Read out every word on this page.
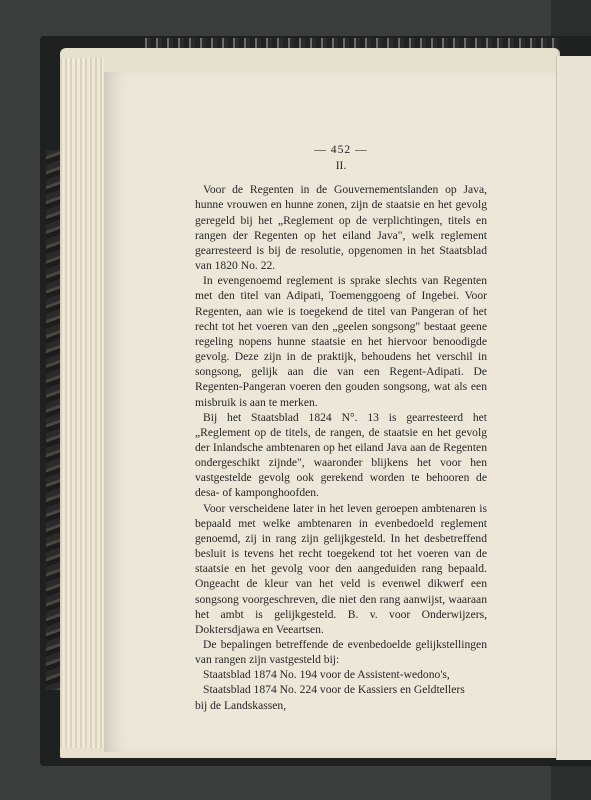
— 452 —

II.

Voor de Regenten in de Gouvernementslanden op Java, hunne vrouwen en hunne zonen, zijn de staatsie en het gevolg geregeld bij het „Reglement op de verplichtingen, titels en rangen der Regenten op het eiland Java", welk reglement gearresteerd is bij de resolutie, opgenomen in het Staatsblad van 1820 No. 22.

In evengenoemd reglement is sprake slechts van Regenten met den titel van Adipati, Toemenggoeng of Ingebei. Voor Regenten, aan wie is toegekend de titel van Pangeran of het recht tot het voeren van den „geelen songsong" bestaat geene regeling nopens hunne staatsie en het hiervoor benoodigde gevolg. Deze zijn in de praktijk, behoudens het verschil in songsong, gelijk aan die van een Regent-Adipati. De Regenten-Pangeran voeren den gouden songsong, wat als een misbruik is aan te merken.

Bij het Staatsblad 1824 N°. 13 is gearresteerd het „Reglement op de titels, de rangen, de staatsie en het gevolg der Inlandsche ambtenaren op het eiland Java aan de Regenten ondergeschikt zijnde", waaronder blijkens het voor hen vastgestelde gevolg ook gerekend worden te behooren de desa- of kamponghoofden.

Voor verscheidene later in het leven geroepen ambtenaren is bepaald met welke ambtenaren in evenbedoeld reglement genoemd, zij in rang zijn gelijkgesteld. In het desbetreffend besluit is tevens het recht toegekend tot het voeren van de staatsie en het gevolg voor den aangeduiden rang bepaald. Ongeacht de kleur van het veld is evenwel dikwerf een songsong voorgeschreven, die niet den rang aanwijst, waaraan het ambt is gelijkgesteld. B. v. voor Onderwijzers, Doktersdjawa en Veeartsen.

De bepalingen betreffende de evenbedoelde gelijkstellingen van rangen zijn vastgesteld bij:

Staatsblad 1874 No. 194 voor de Assistent-wedono's,

Staatsblad 1874 No. 224 voor de Kassiers en Geldtellers

bij de Landskassen,
